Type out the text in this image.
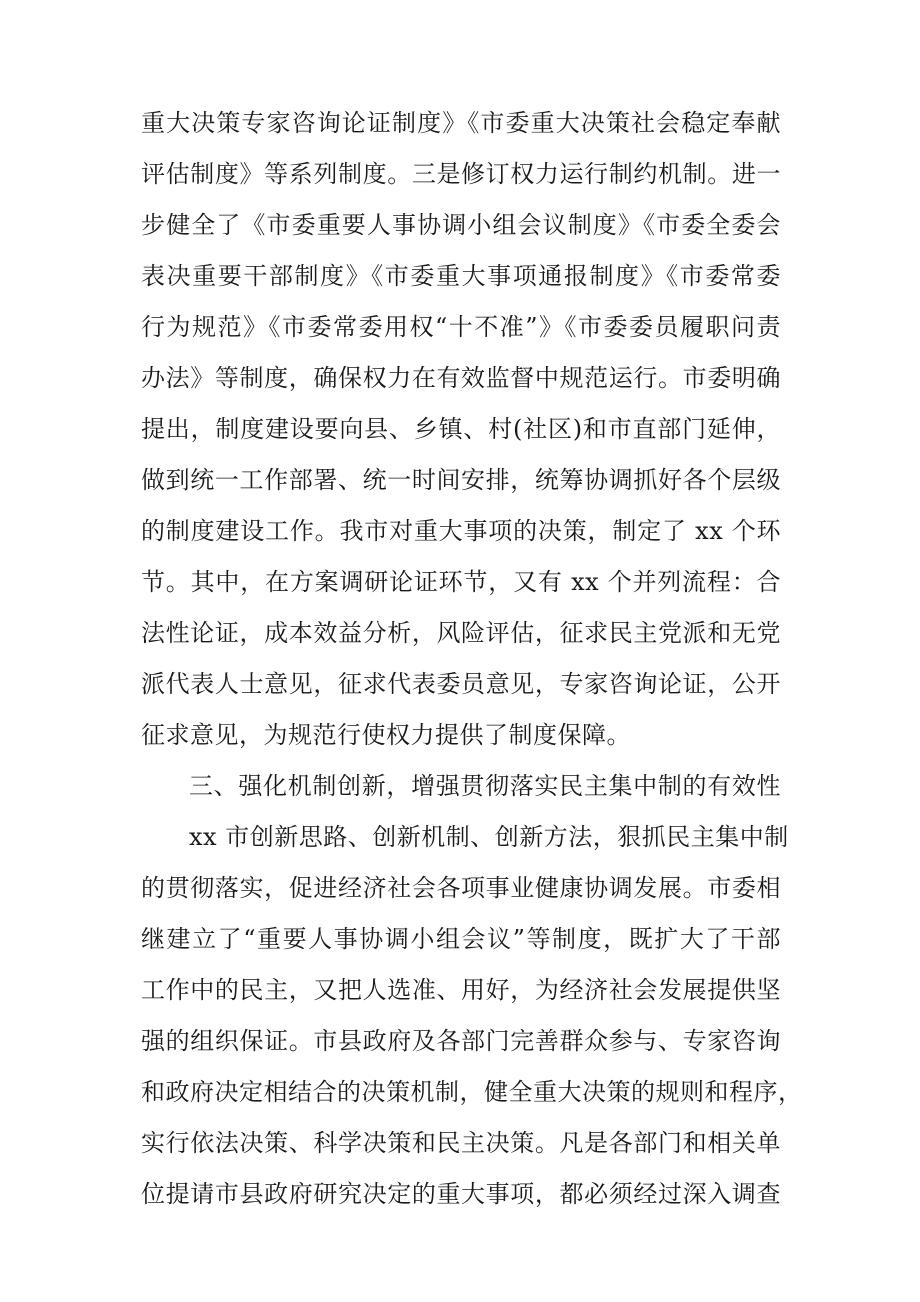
重大决策专家咨询论证制度》《市委重大决策社会稳定奉献
评估制度》等系列制度。三是修订权力运行制约机制。进一
步健全了《市委重要人事协调小组会议制度》《市委全委会
表决重要干部制度》《市委重大事项通报制度》《市委常委
行为规范》《市委常委用权“十不准”》《市委委员履职问责
办法》等制度，确保权力在有效监督中规范运行。市委明确
提出，制度建设要向县、乡镇、村(社区)和市直部门延伸，
做到统一工作部署、统一时间安排，统筹协调抓好各个层级
的制度建设工作。我市对重大事项的决策，制定了 xx 个环
节。其中，在方案调研论证环节，又有 xx 个并列流程：合
法性论证，成本效益分析，风险评估，征求民主党派和无党
派代表人士意见，征求代表委员意见，专家咨询论证，公开
征求意见，为规范行使权力提供了制度保障。
三、强化机制创新，增强贯彻落实民主集中制的有效性
xx 市创新思路、创新机制、创新方法，狠抓民主集中制
的贯彻落实，促进经济社会各项事业健康协调发展。市委相
继建立了“重要人事协调小组会议”等制度，既扩大了干部
工作中的民主，又把人选准、用好，为经济社会发展提供坚
强的组织保证。市县政府及各部门完善群众参与、专家咨询
和政府决定相结合的决策机制，健全重大决策的规则和程序，
实行依法决策、科学决策和民主决策。凡是各部门和相关单
位提请市县政府研究决定的重大事项，都必须经过深入调查
